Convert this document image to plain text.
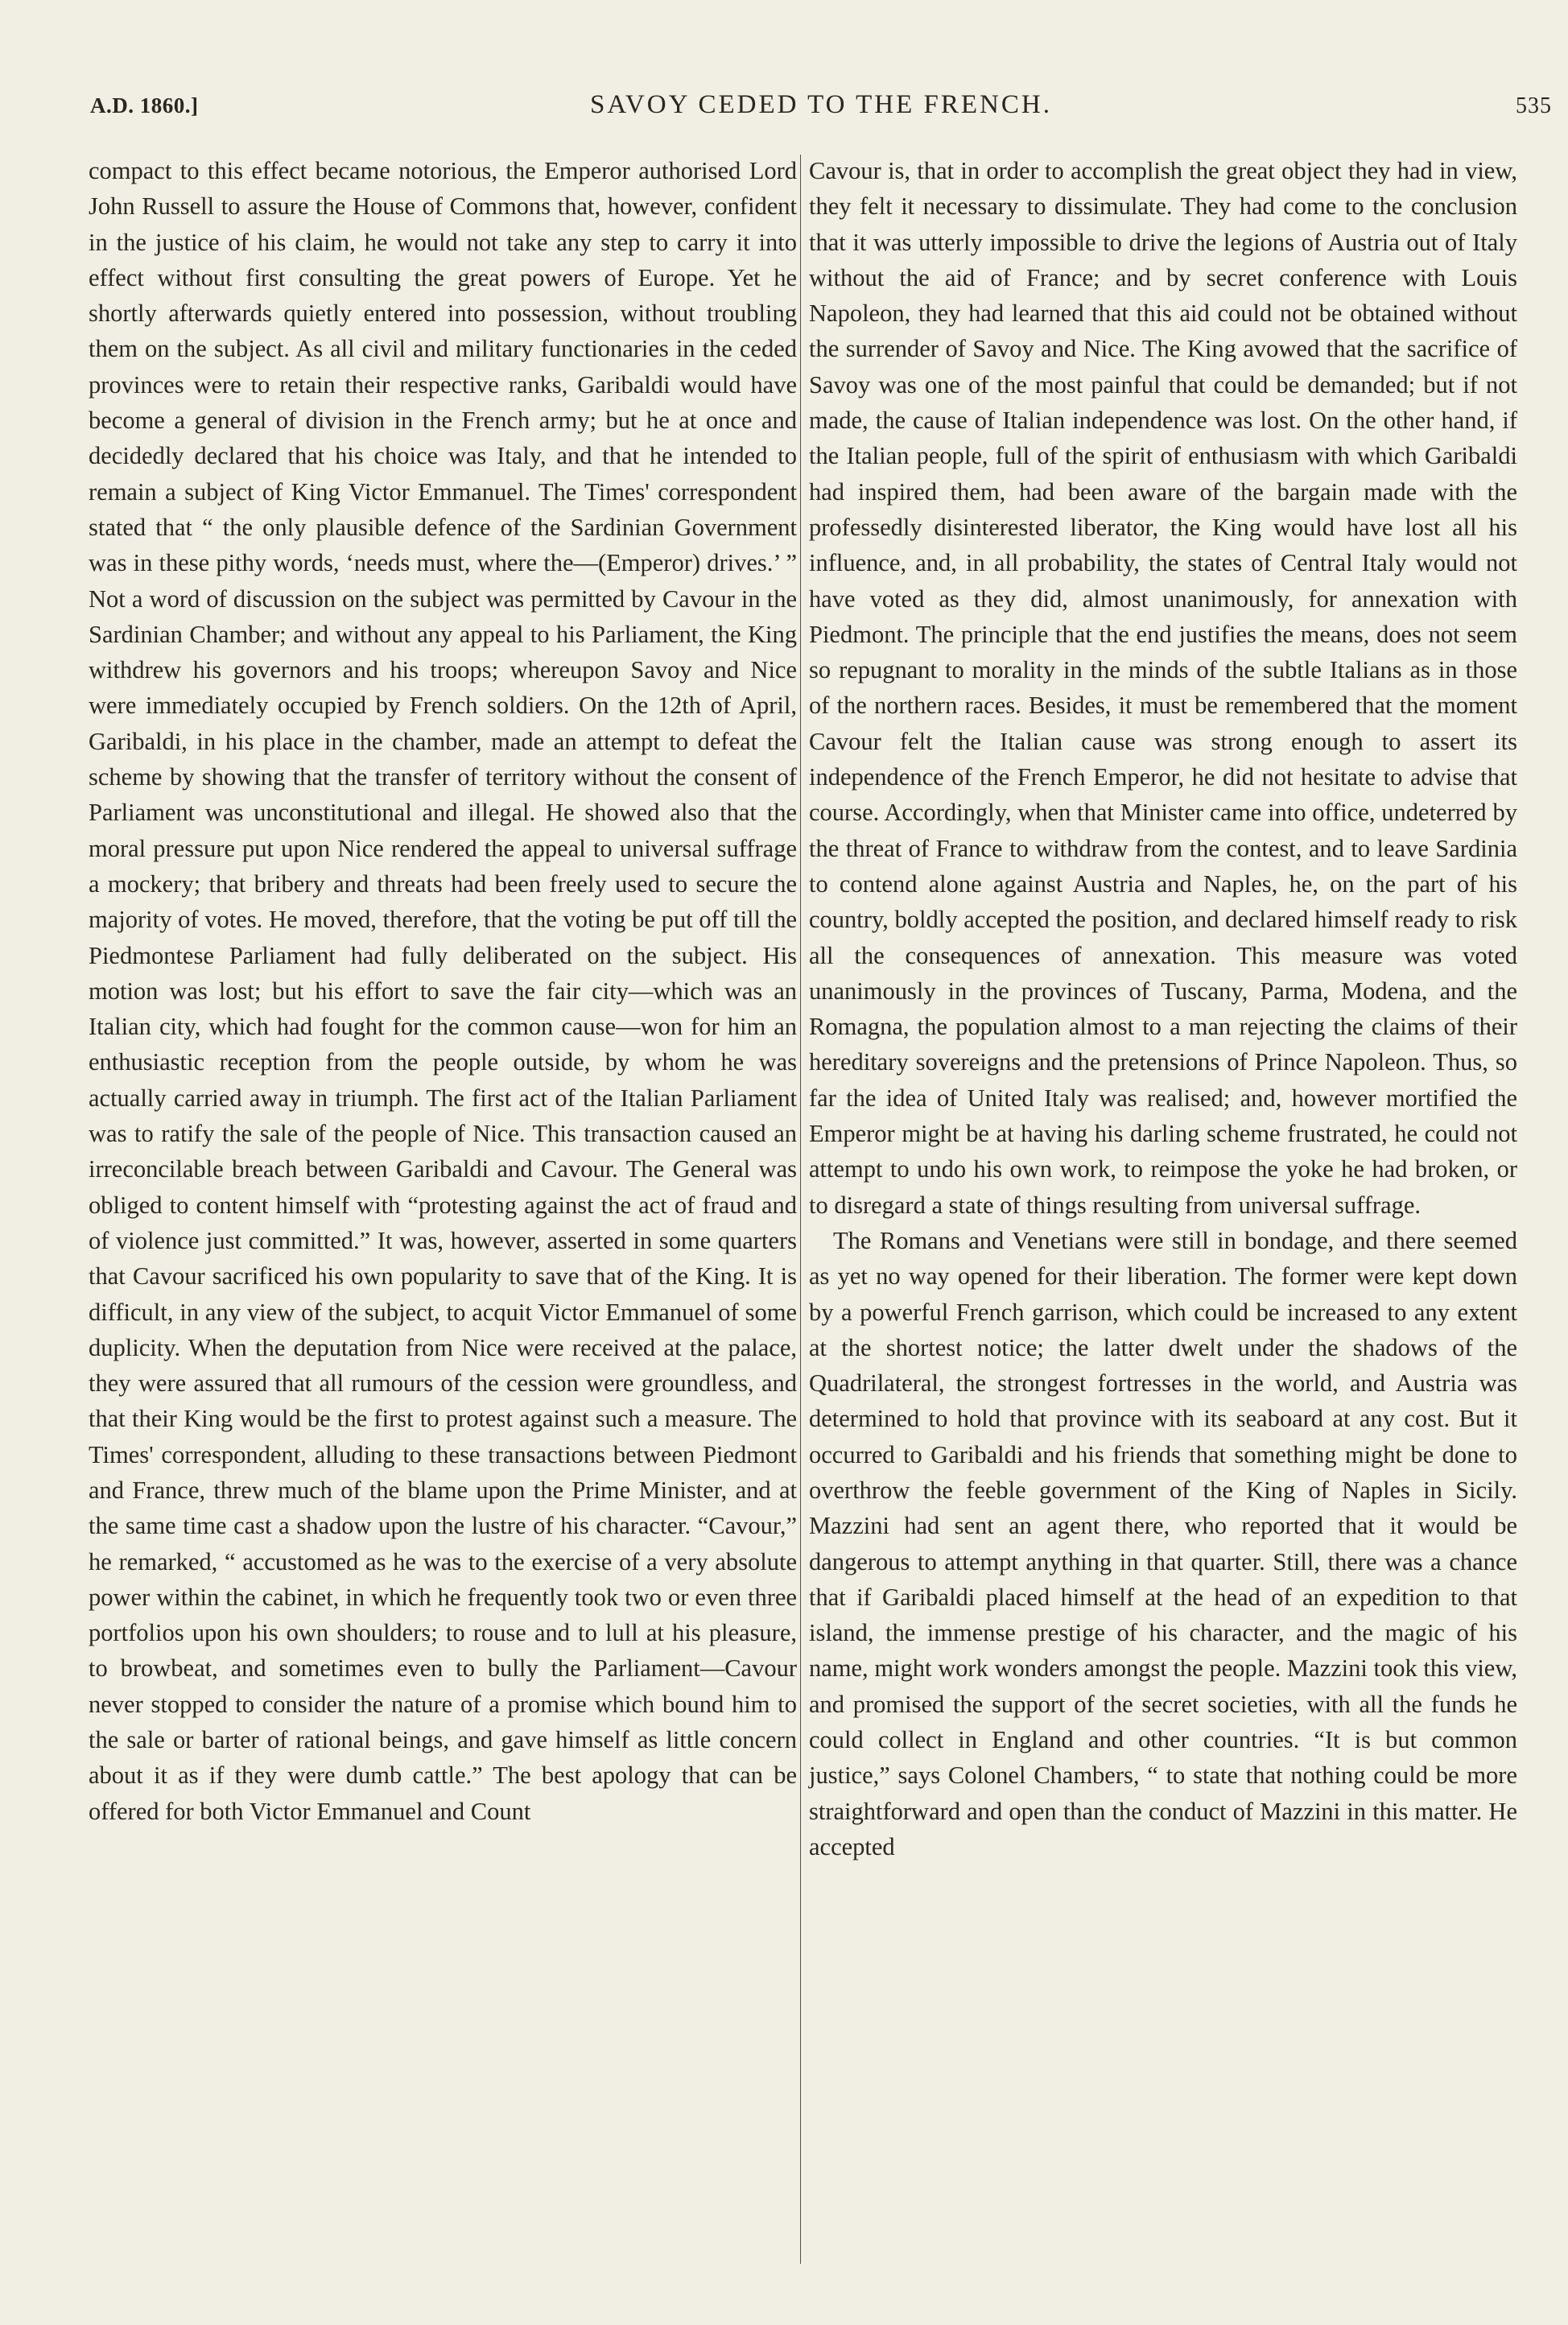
A.D. 1860.]	SAVOY CEDED TO THE FRENCH.	535

compact to this effect became notorious, the Emperor authorised Lord John Russell to assure the House of Commons that, however, confident in the justice of his claim, he would not take any step to carry it into effect without first consulting the great powers of Europe. Yet he shortly afterwards quietly entered into possession, without troubling them on the subject. As all civil and military functionaries in the ceded provinces were to retain their respective ranks, Garibaldi would have become a general of division in the French army; but he at once and decidedly declared that his choice was Italy, and that he intended to remain a subject of King Victor Emmanuel. The Times' correspondent stated that “ the only plausible defence of the Sardinian Government was in these pithy words, ‘needs must, where the—(Emperor) drives.’ ” Not a word of discussion on the subject was permitted by Cavour in the Sardinian Chamber; and without any appeal to his Parliament, the King withdrew his governors and his troops; whereupon Savoy and Nice were immediately occupied by French soldiers. On the 12th of April, Garibaldi, in his place in the chamber, made an attempt to defeat the scheme by showing that the transfer of territory without the consent of Parliament was unconstitutional and illegal. He showed also that the moral pressure put upon Nice rendered the appeal to universal suffrage a mockery; that bribery and threats had been freely used to secure the majority of votes. He moved, therefore, that the voting be put off till the Piedmontese Parliament had fully deliberated on the subject. His motion was lost; but his effort to save the fair city—which was an Italian city, which had fought for the common cause—won for him an enthusiastic reception from the people outside, by whom he was actually carried away in triumph. The first act of the Italian Parliament was to ratify the sale of the people of Nice. This transaction caused an irreconcilable breach between Garibaldi and Cavour. The General was obliged to content himself with “protesting against the act of fraud and of violence just committed.” It was, however, asserted in some quarters that Cavour sacrificed his own popularity to save that of the King. It is difficult, in any view of the subject, to acquit Victor Emmanuel of some duplicity. When the deputation from Nice were received at the palace, they were assured that all rumours of the cession were groundless, and that their King would be the first to protest against such a measure. The Times' correspondent, alluding to these transactions between Piedmont and France, threw much of the blame upon the Prime Minister, and at the same time cast a shadow upon the lustre of his character. “Cavour,” he remarked, “ accustomed as he was to the exercise of a very absolute power within the cabinet, in which he frequently took two or even three portfolios upon his own shoulders; to rouse and to lull at his pleasure, to browbeat, and sometimes even to bully the Parliament—Cavour never stopped to consider the nature of a promise which bound him to the sale or barter of rational beings, and gave himself as little concern about it as if they were dumb cattle.” The best apology that can be offered for both Victor Emmanuel and Count

Cavour is, that in order to accomplish the great object they had in view, they felt it necessary to dissimulate. They had come to the conclusion that it was utterly impossible to drive the legions of Austria out of Italy without the aid of France; and by secret conference with Louis Napoleon, they had learned that this aid could not be obtained without the surrender of Savoy and Nice. The King avowed that the sacrifice of Savoy was one of the most painful that could be demanded; but if not made, the cause of Italian independence was lost. On the other hand, if the Italian people, full of the spirit of enthusiasm with which Garibaldi had inspired them, had been aware of the bargain made with the professedly disinterested liberator, the King would have lost all his influence, and, in all probability, the states of Central Italy would not have voted as they did, almost unanimously, for annexation with Piedmont. The principle that the end justifies the means, does not seem so repugnant to morality in the minds of the subtle Italians as in those of the northern races. Besides, it must be remembered that the moment Cavour felt the Italian cause was strong enough to assert its independence of the French Emperor, he did not hesitate to advise that course. Accordingly, when that Minister came into office, undeterred by the threat of France to withdraw from the contest, and to leave Sardinia to contend alone against Austria and Naples, he, on the part of his country, boldly accepted the position, and declared himself ready to risk all the consequences of annexation. This measure was voted unanimously in the provinces of Tuscany, Parma, Modena, and the Romagna, the population almost to a man rejecting the claims of their hereditary sovereigns and the pretensions of Prince Napoleon. Thus, so far the idea of United Italy was realised; and, however mortified the Emperor might be at having his darling scheme frustrated, he could not attempt to undo his own work, to reimpose the yoke he had broken, or to disregard a state of things resulting from universal suffrage.

The Romans and Venetians were still in bondage, and there seemed as yet no way opened for their liberation. The former were kept down by a powerful French garrison, which could be increased to any extent at the shortest notice; the latter dwelt under the shadows of the Quadrilateral, the strongest fortresses in the world, and Austria was determined to hold that province with its seaboard at any cost. But it occurred to Garibaldi and his friends that something might be done to overthrow the feeble government of the King of Naples in Sicily. Mazzini had sent an agent there, who reported that it would be dangerous to attempt anything in that quarter. Still, there was a chance that if Garibaldi placed himself at the head of an expedition to that island, the immense prestige of his character, and the magic of his name, might work wonders amongst the people. Mazzini took this view, and promised the support of the secret societies, with all the funds he could collect in England and other countries. “It is but common justice,” says Colonel Chambers, “ to state that nothing could be more straightforward and open than the conduct of Mazzini in this matter. He accepted
